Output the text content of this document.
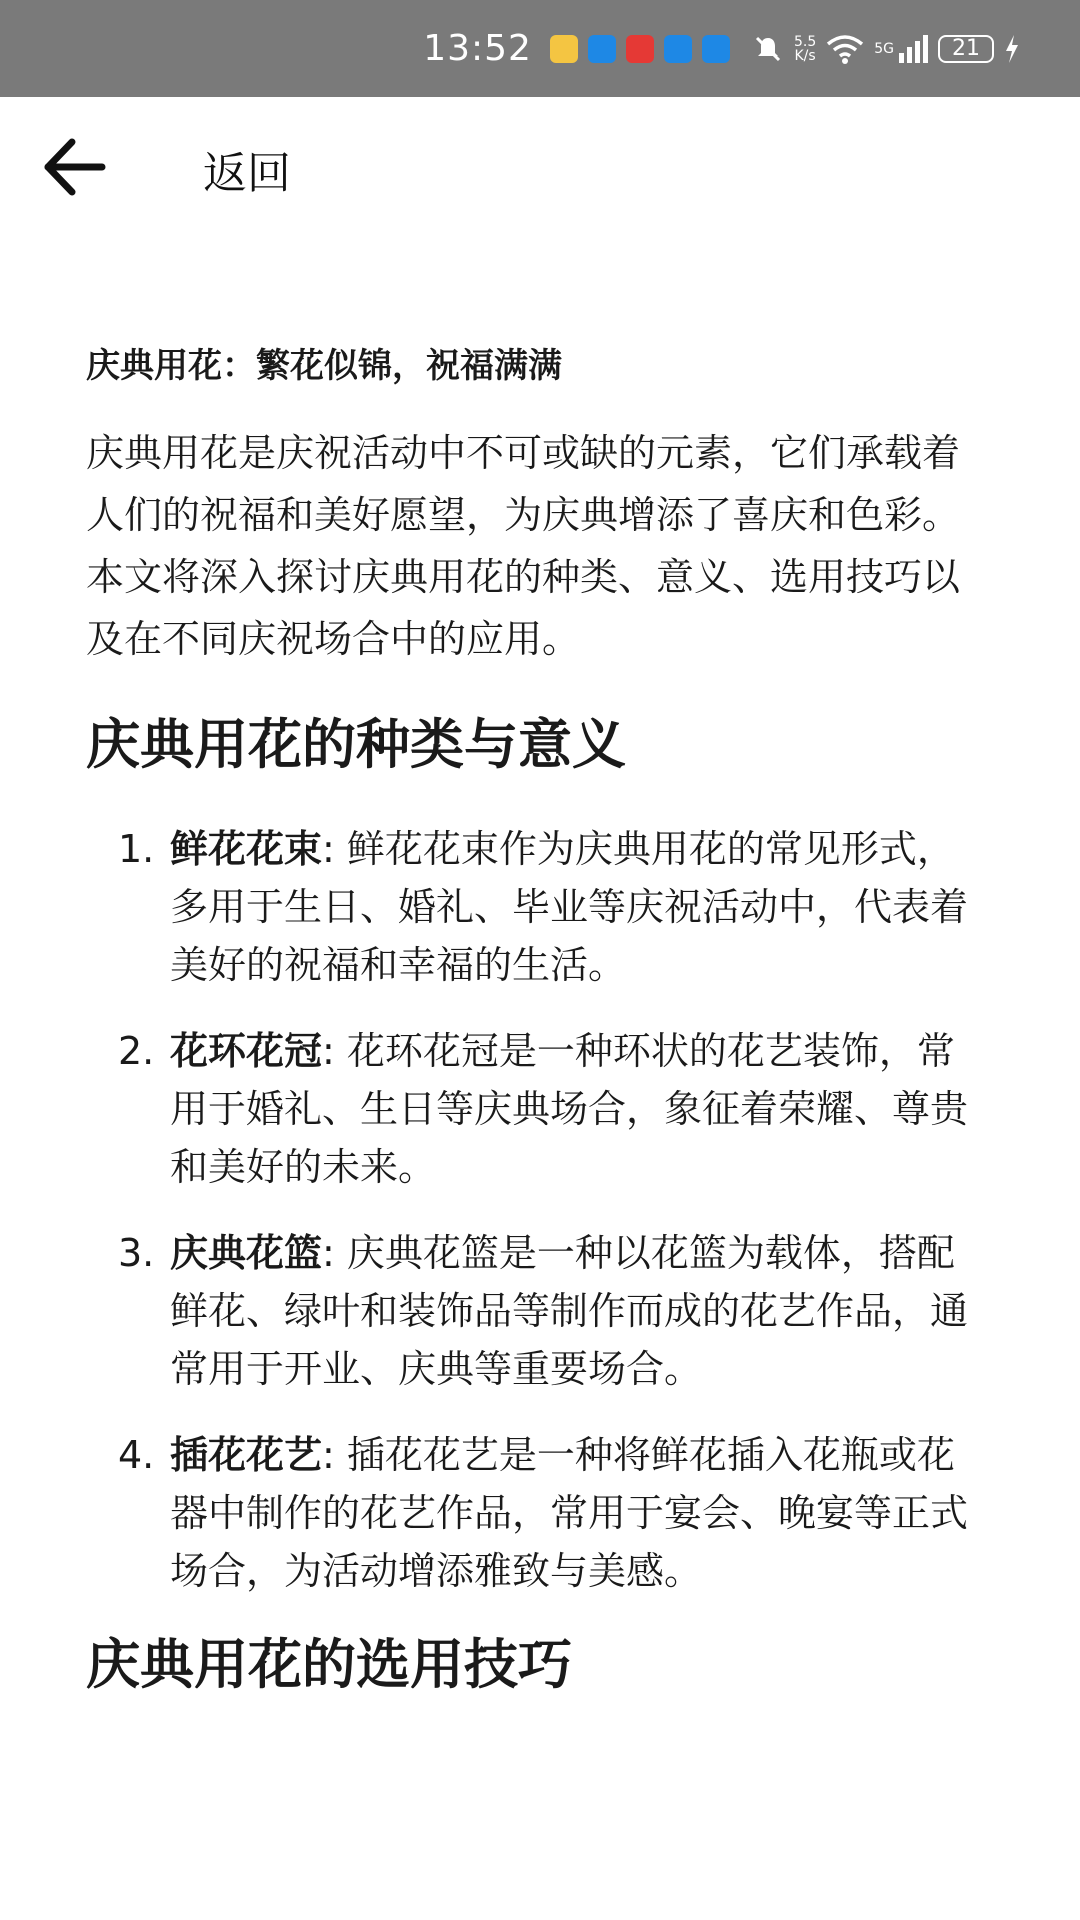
13:52	5.5
K/s	5G	21
返回

庆典用花：繁花似锦，祝福满满

庆典用花是庆祝活动中不可或缺的元素，它们承载着人们的祝福和美好愿望，为庆典增添了喜庆和色彩。本文将深入探讨庆典用花的种类、意义、选用技巧以及在不同庆祝场合中的应用。

庆典用花的种类与意义
1. 鲜花花束: 鲜花花束作为庆典用花的常见形式，多用于生日、婚礼、毕业等庆祝活动中，代表着美好的祝福和幸福的生活。
2. 花环花冠: 花环花冠是一种环状的花艺装饰，常用于婚礼、生日等庆典场合，象征着荣耀、尊贵和美好的未来。
3. 庆典花篮: 庆典花篮是一种以花篮为载体，搭配鲜花、绿叶和装饰品等制作而成的花艺作品，通常用于开业、庆典等重要场合。
4. 插花花艺: 插花花艺是一种将鲜花插入花瓶或花器中制作的花艺作品，常用于宴会、晚宴等正式场合，为活动增添雅致与美感。
庆典用花的选用技巧
